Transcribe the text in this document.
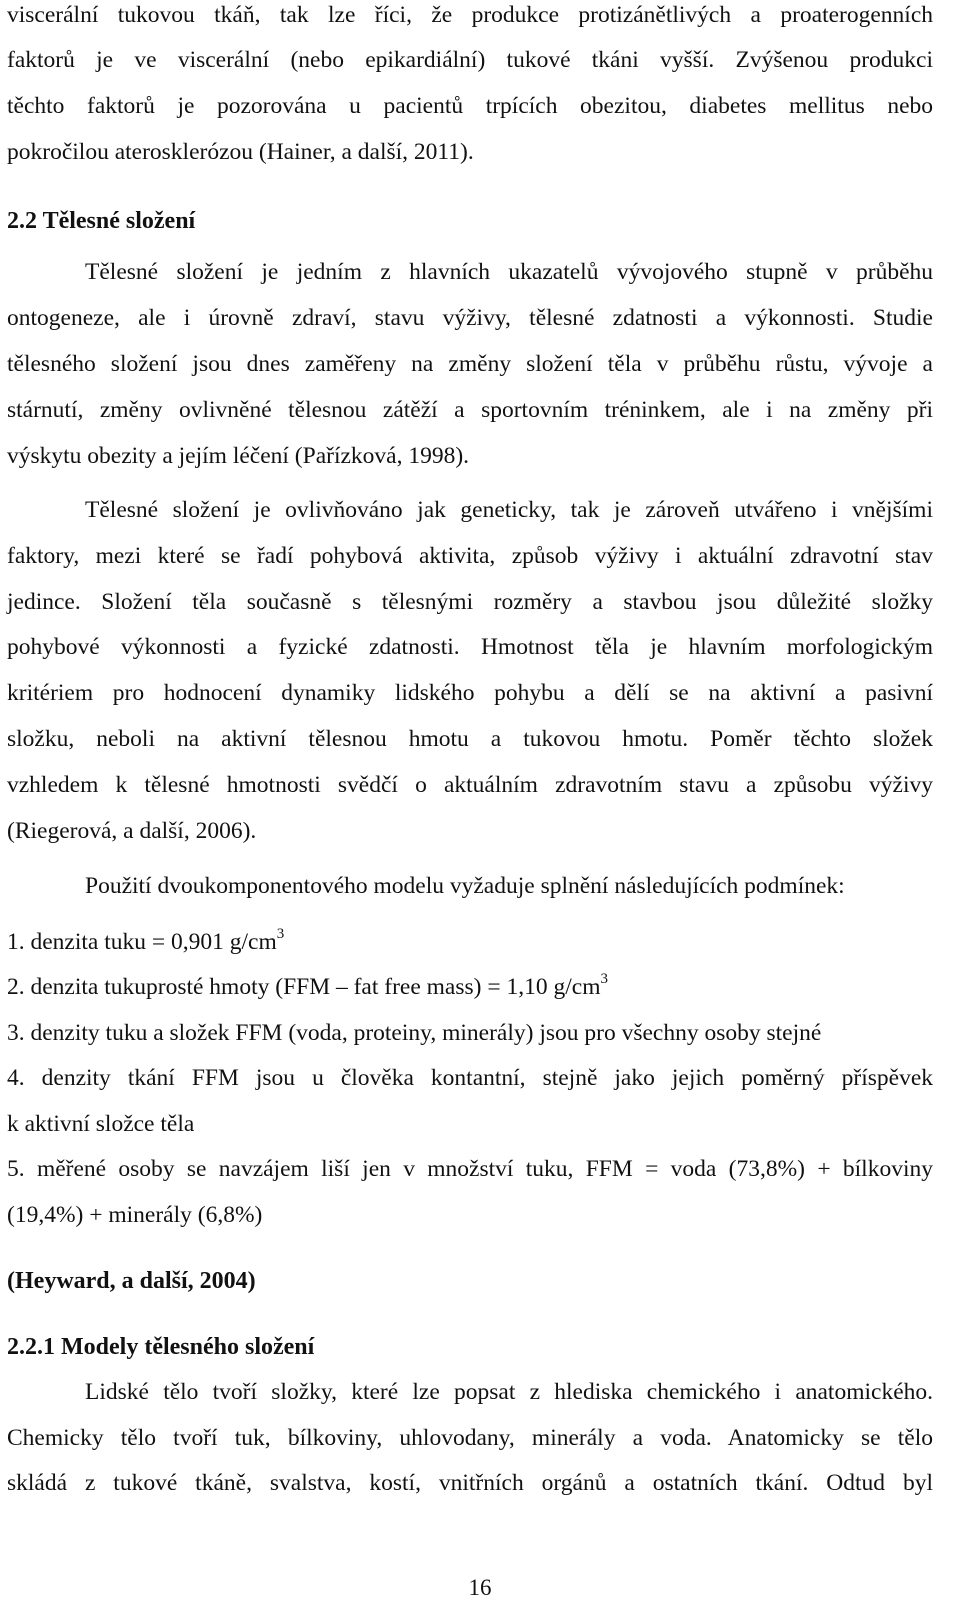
viscerální tukovou tkáň, tak lze říci, že produkce protizánětlivých a proaterogenních
faktorů je ve viscerální (nebo epikardiální) tukové tkáni vyšší. Zvýšenou produkci
těchto faktorů je pozorována u pacientů trpících obezitou, diabetes mellitus nebo
pokročilou aterosklerózou (Hainer, a další, 2011).
2.2 Tělesné složení
Tělesné složení je jedním z hlavních ukazatelů vývojového stupně v průběhu
ontogeneze, ale i úrovně zdraví, stavu výživy, tělesné zdatnosti a výkonnosti. Studie
tělesného složení jsou dnes zaměřeny na změny složení těla v průběhu růstu, vývoje a
stárnutí, změny ovlivněné tělesnou zátěží a sportovním tréninkem, ale i na změny při
výskytu obezity a jejím léčení (Pařízková, 1998).
Tělesné složení je ovlivňováno jak geneticky, tak je zároveň utvářeno i vnějšími
faktory, mezi které se řadí pohybová aktivita, způsob výživy i aktuální zdravotní stav
jedince. Složení těla současně s tělesnými rozměry a stavbou jsou důležité složky
pohybové výkonnosti a fyzické zdatnosti. Hmotnost těla je hlavním morfologickým
kritériem pro hodnocení dynamiky lidského pohybu a dělí se na aktivní a pasivní
složku, neboli na aktivní tělesnou hmotu a tukovou hmotu. Poměr těchto složek
vzhledem k tělesné hmotnosti svědčí o aktuálním zdravotním stavu a způsobu výživy
(Riegerová, a další, 2006).
Použití dvoukomponentového modelu vyžaduje splnění následujících podmínek:
1. denzita tuku = 0,901 $g/cm^3$
2. denzita tukuprosté hmoty (FFM – fat free mass) = 1,10 $g/cm^3$
3. denzity tuku a složek FFM (voda, proteiny, minerály) jsou pro všechny osoby stejné
4. denzity tkání FFM jsou u člověka kontantní, stejně jako jejich poměrný příspěvek
k aktivní složce těla
5. měřené osoby se navzájem liší jen v množství tuku, FFM = voda (73,8%) + bílkoviny
(19,4%) + minerály (6,8%)
(Heyward, a další, 2004)
2.2.1 Modely tělesného složení
Lidské tělo tvoří složky, které lze popsat z hlediska chemického i anatomického.
Chemicky tělo tvoří tuk, bílkoviny, uhlovodany, minerály a voda. Anatomicky se tělo
skládá z tukové tkáně, svalstva, kostí, vnitřních orgánů a ostatních tkání. Odtud byl
16
